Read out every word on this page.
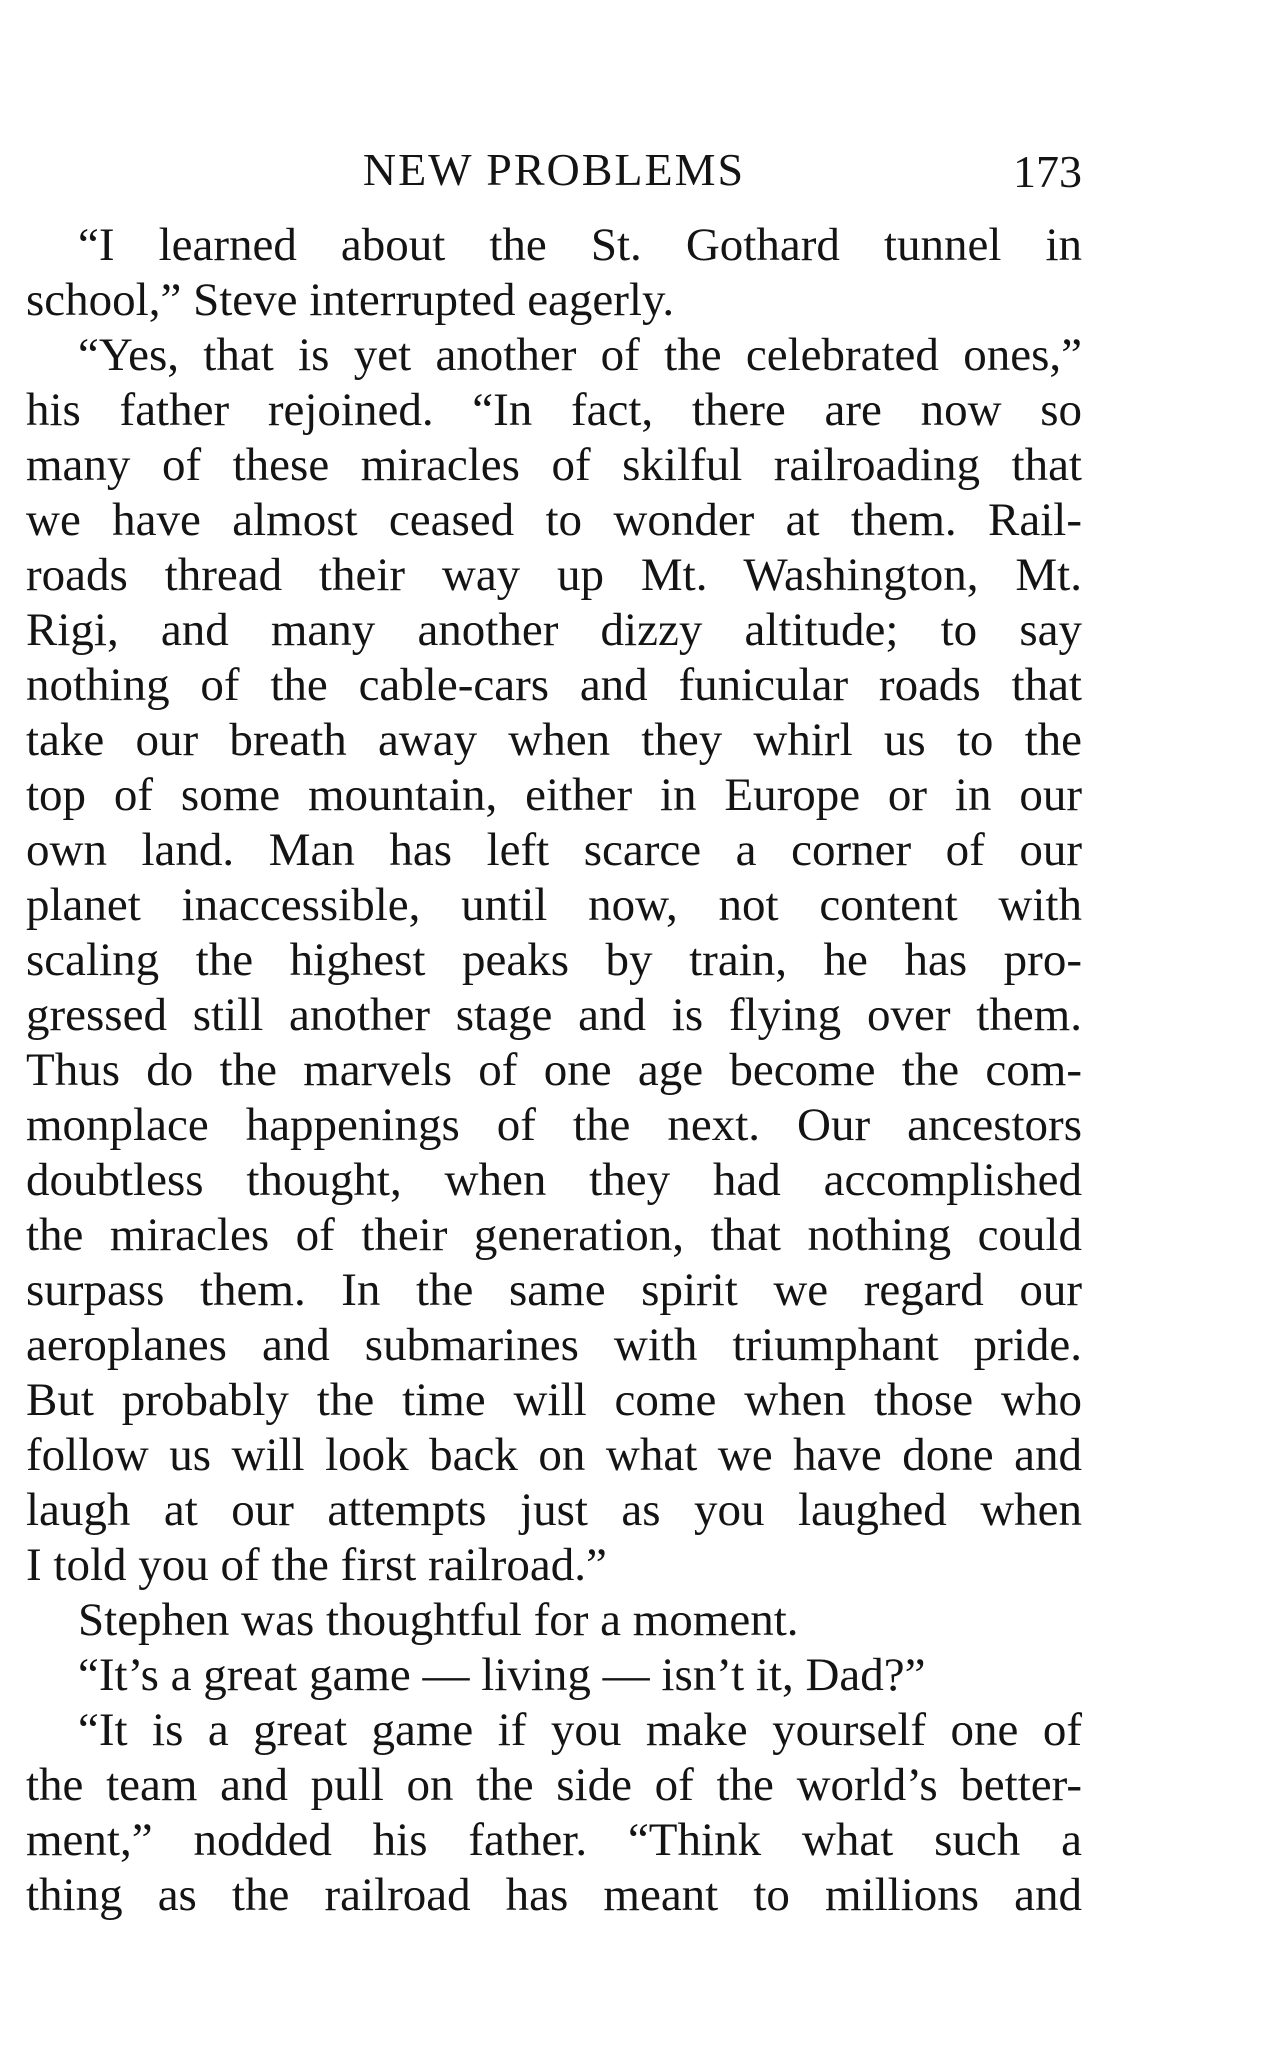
NEW PROBLEMS	173
“I learned about the St. Gothard tunnel in
school,” Steve interrupted eagerly.
“Yes, that is yet another of the celebrated ones,”
his father rejoined. “In fact, there are now so
many of these miracles of skilful railroading that
we have almost ceased to wonder at them. Rail-
roads thread their way up Mt. Washington, Mt.
Rigi, and many another dizzy altitude; to say
nothing of the cable-cars and funicular roads that
take our breath away when they whirl us to the
top of some mountain, either in Europe or in our
own land. Man has left scarce a corner of our
planet inaccessible, until now, not content with
scaling the highest peaks by train, he has pro-
gressed still another stage and is flying over them.
Thus do the marvels of one age become the com-
monplace happenings of the next. Our ancestors
doubtless thought, when they had accomplished
the miracles of their generation, that nothing could
surpass them. In the same spirit we regard our
aeroplanes and submarines with triumphant pride.
But probably the time will come when those who
follow us will look back on what we have done and
laugh at our attempts just as you laughed when
I told you of the first railroad.”
Stephen was thoughtful for a moment.
“It’s a great game — living — isn’t it, Dad?”
“It is a great game if you make yourself one of
the team and pull on the side of the world’s better-
ment,” nodded his father. “Think what such a
thing as the railroad has meant to millions and
